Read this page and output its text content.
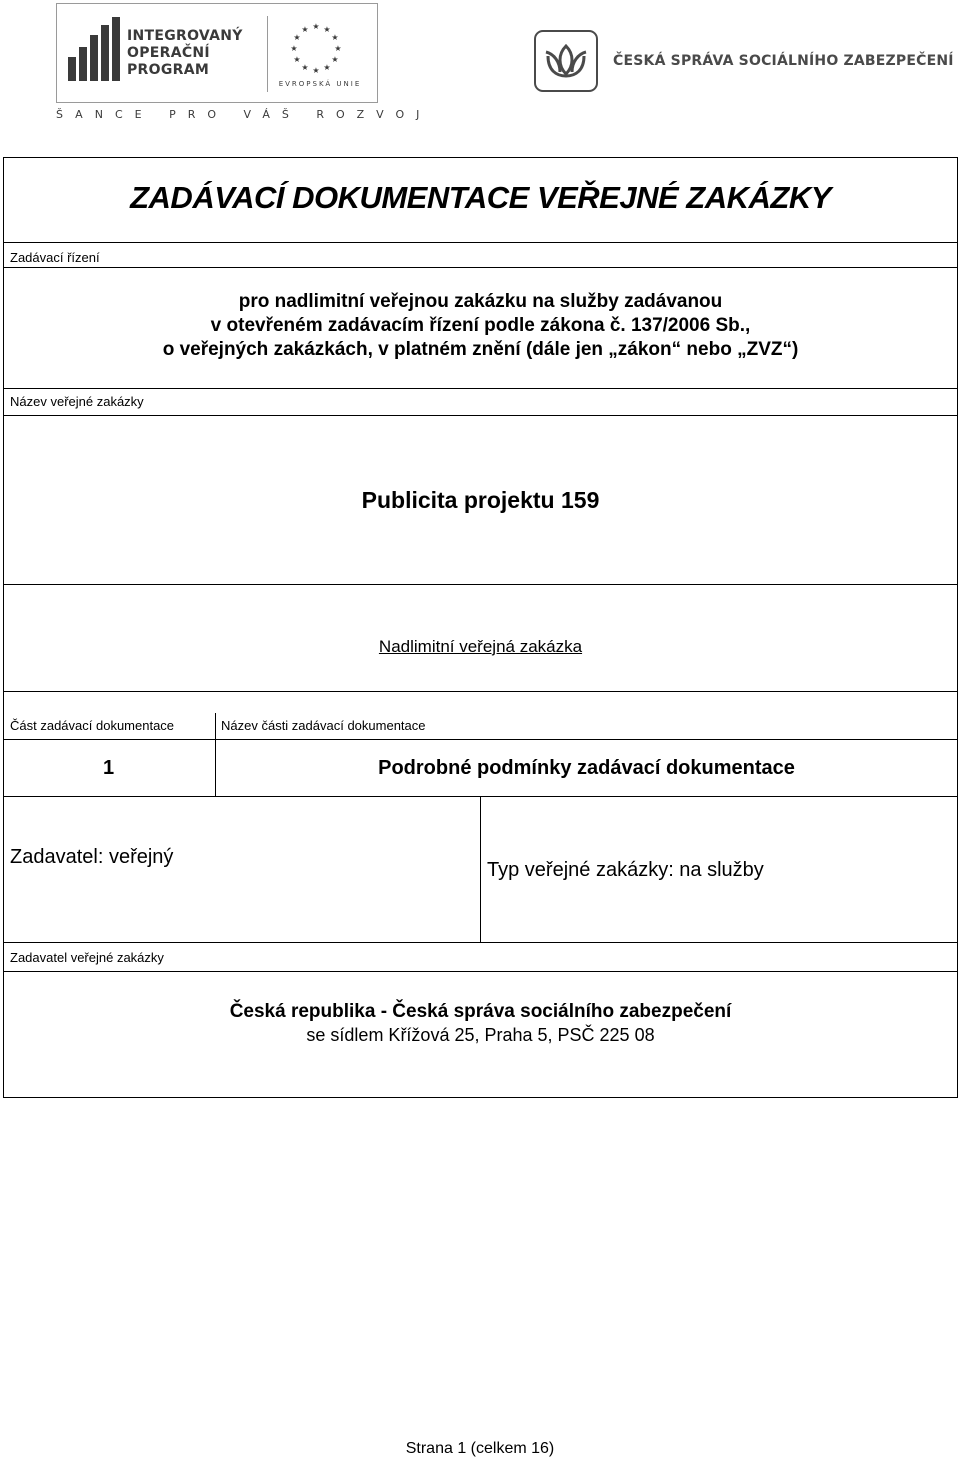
INTEGROVANÝ
OPERAČNÍ
PROGRAM
★ ★
★
★
★
★
★
★
★
★
★
★
EVROPSKÁ UNIE
ŠANCE PRO VÁŠ ROZVOJ
ČESKÁ SPRÁVA SOCIÁLNÍHO ZABEZPEČENÍ
ZADÁVACÍ DOKUMENTACE VEŘEJNÉ ZAKÁZKY
Zadávací řízení
pro nadlimitní veřejnou zakázku na služby zadávanou
v otevřeném zadávacím řízení podle zákona č. 137/2006 Sb.,
o veřejných zakázkách, v platném znění (dále jen „zákon“ nebo „ZVZ“)
Název veřejné zakázky
Publicita projektu 159
Nadlimitní veřejná zakázka
Část zadávací dokumentace	Název části zadávací dokumentace
1	Podrobné podmínky zadávací dokumentace
Zadavatel: veřejný
Typ veřejné zakázky: na služby
Zadavatel veřejné zakázky
Česká republika - Česká správa sociálního zabezpečení
se sídlem Křížová 25, Praha 5, PSČ 225 08
Strana 1 (celkem 16)
